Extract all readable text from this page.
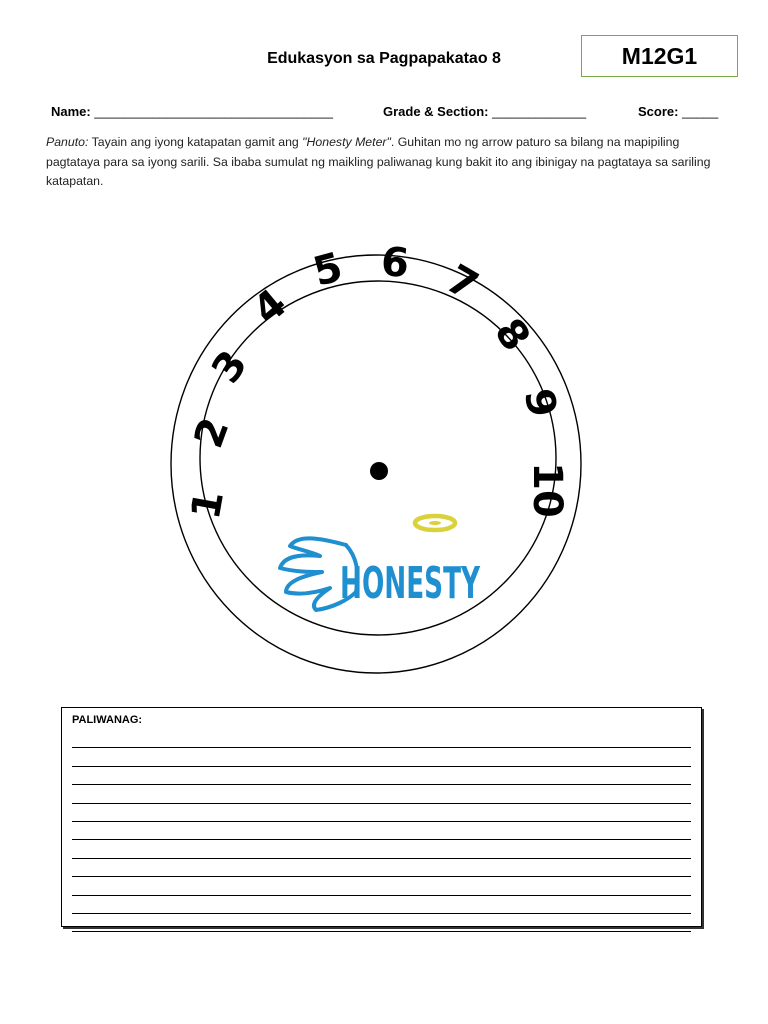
Edukasyon sa Pagpapakatao 8	M12G1
Name: _________________________________	Grade & Section: _____________	Score: _____
Panuto: Tayain ang iyong katapatan gamit ang "Honesty Meter". Guhitan mo ng arrow paturo sa bilang na mapipiling pagtataya para sa iyong sarili. Sa ibaba sumulat ng maikling paliwanag kung bakit ito ang ibinigay na pagtataya sa sariling katapatan.
1
2
3
4
5 6 7
8
9
10
HONESTY
PALIWANAG:
